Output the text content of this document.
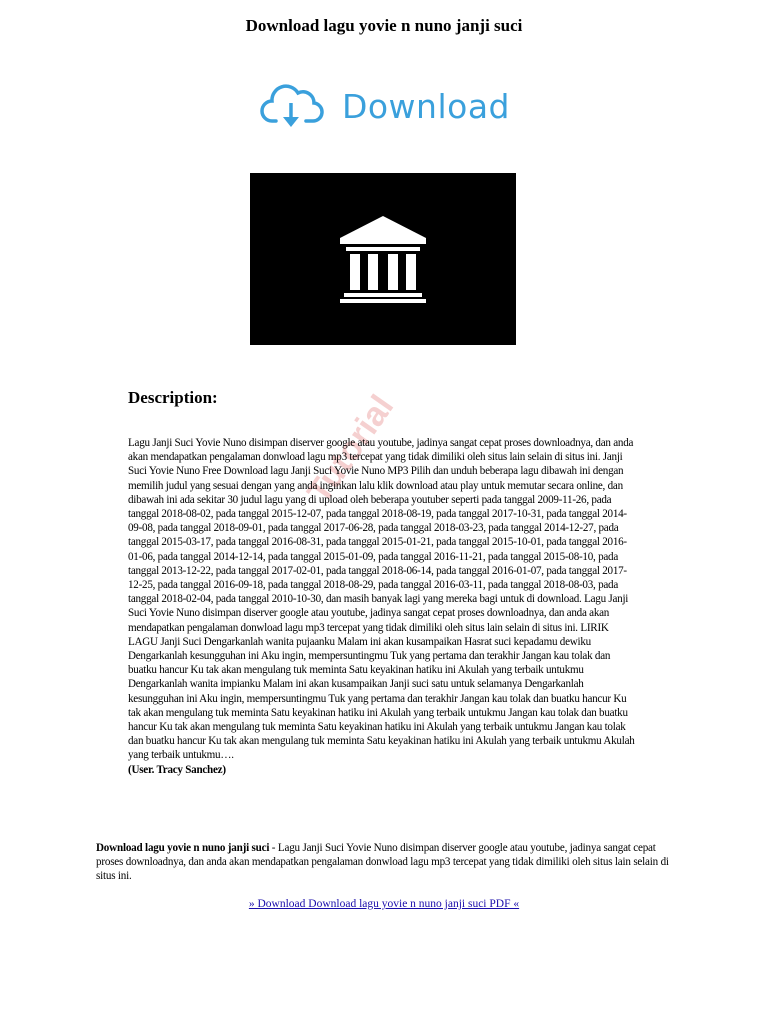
Download lagu yovie n nuno janji suci
Download
Tutorial
Description:
Lagu Janji Suci Yovie Nuno disimpan diserver google atau youtube, jadinya sangat cepat proses downloadnya, dan anda akan mendapatkan pengalaman donwload lagu mp3 tercepat yang tidak dimiliki oleh situs lain selain di situs ini. Janji Suci Yovie Nuno Free Download lagu Janji Suci Yovie Nuno MP3 Pilih dan unduh beberapa lagu dibawah ini dengan memilih judul yang sesuai dengan yang anda inginkan lalu klik download atau play untuk memutar secara online, dan dibawah ini ada sekitar 30 judul lagu yang di upload oleh beberapa youtuber seperti pada tanggal 2009-11-26, pada tanggal 2018-08-02, pada tanggal 2015-12-07, pada tanggal 2018-08-19, pada tanggal 2017-10-31, pada tanggal 2014-09-08, pada tanggal 2018-09-01, pada tanggal 2017-06-28, pada tanggal 2018-03-23, pada tanggal 2014-12-27, pada tanggal 2015-03-17, pada tanggal 2016-08-31, pada tanggal 2015-01-21, pada tanggal 2015-10-01, pada tanggal 2016-01-06, pada tanggal 2014-12-14, pada tanggal 2015-01-09, pada tanggal 2016-11-21, pada tanggal 2015-08-10, pada tanggal 2013-12-22, pada tanggal 2017-02-01, pada tanggal 2018-06-14, pada tanggal 2016-01-07, pada tanggal 2017-12-25, pada tanggal 2016-09-18, pada tanggal 2018-08-29, pada tanggal 2016-03-11, pada tanggal 2018-08-03, pada tanggal 2018-02-04, pada tanggal 2010-10-30, dan masih banyak lagi yang mereka bagi untuk di download. Lagu Janji Suci Yovie Nuno disimpan diserver google atau youtube, jadinya sangat cepat proses downloadnya, dan anda akan mendapatkan pengalaman donwload lagu mp3 tercepat yang tidak dimiliki oleh situs lain selain di situs ini. LIRIK LAGU Janji Suci Dengarkanlah wanita pujaanku Malam ini akan kusampaikan Hasrat suci kepadamu dewiku Dengarkanlah kesungguhan ini Aku ingin, mempersuntingmu Tuk yang pertama dan terakhir Jangan kau tolak dan buatku hancur Ku tak akan mengulang tuk meminta Satu keyakinan hatiku ini Akulah yang terbaik untukmu Dengarkanlah wanita impianku Malam ini akan kusampaikan Janji suci satu untuk selamanya Dengarkanlah kesungguhan ini Aku ingin, mempersuntingmu Tuk yang pertama dan terakhir Jangan kau tolak dan buatku hancur Ku tak akan mengulang tuk meminta Satu keyakinan hatiku ini Akulah yang terbaik untukmu Jangan kau tolak dan buatku hancur Ku tak akan mengulang tuk meminta Satu keyakinan hatiku ini Akulah yang terbaik untukmu Jangan kau tolak dan buatku hancur Ku tak akan mengulang tuk meminta Satu keyakinan hatiku ini Akulah yang terbaik untukmu Akulah yang terbaik untukmu….
(User. Tracy Sanchez)
Download lagu yovie n nuno janji suci - Lagu Janji Suci Yovie Nuno disimpan diserver google atau youtube, jadinya sangat cepat proses downloadnya, dan anda akan mendapatkan pengalaman donwload lagu mp3 tercepat yang tidak dimiliki oleh situs lain selain di situs ini.
» Download Download lagu yovie n nuno janji suci PDF «
